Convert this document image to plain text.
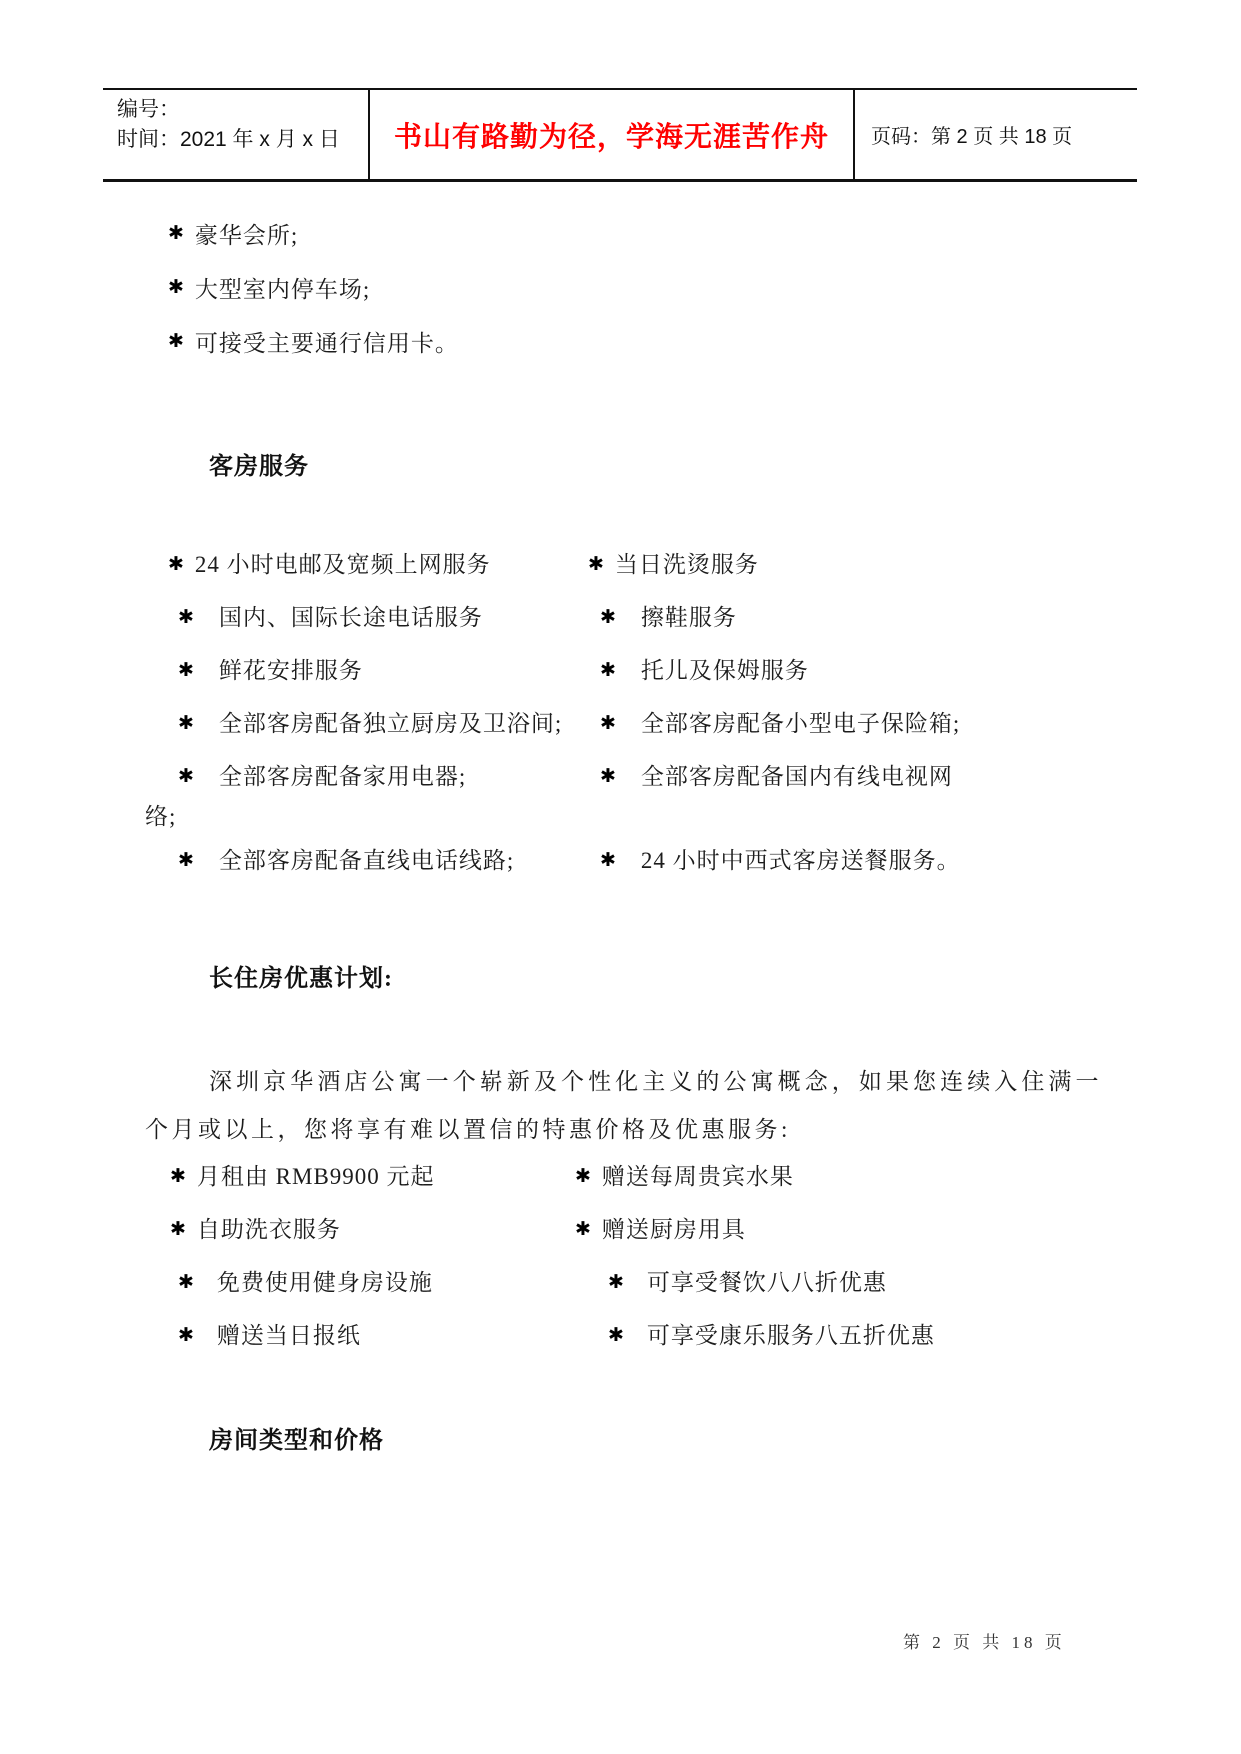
编号：
时间：2021 年 x 月 x 日	书山有路勤为径，学海无涯苦作舟 页码： 第 2 页 共 18 页
✱ 豪华会所;
✱ 大型室内停车场;
✱ 可接受主要通行信用卡。
客房服务
✱ 24 小时电邮及宽频上网服务	✱ 当日洗烫服务
✱ 国内、国际长途电话服务	✱ 擦鞋服务
✱ 鲜花安排服务	✱ 托儿及保姆服务
✱ 全部客房配备独立厨房及卫浴间; ✱ 全部客房配备小型电子保险箱;
✱ 全部客房配备家用电器;	✱ 全部客房配备国内有线电视网
络;
✱ 全部客房配备直线电话线路;	✱ 24 小时中西式客房送餐服务。
长住房优惠计划:

深圳京华酒店公寓一个崭新及个性化主义的公寓概念，如果您连续入住满一个月或以上，您将享有难以置信的特惠价格及优惠服务:

✱ 月租由 RMB9900 元起	✱ 赠送每周贵宾水果
✱ 自助洗衣服务	✱ 赠送厨房用具
✱ 免费使用健身房设施	✱ 可享受餐饮八八折优惠
✱ 赠送当日报纸	✱ 可享受康乐服务八五折优惠
房间类型和价格
第 2 页 共 18 页
